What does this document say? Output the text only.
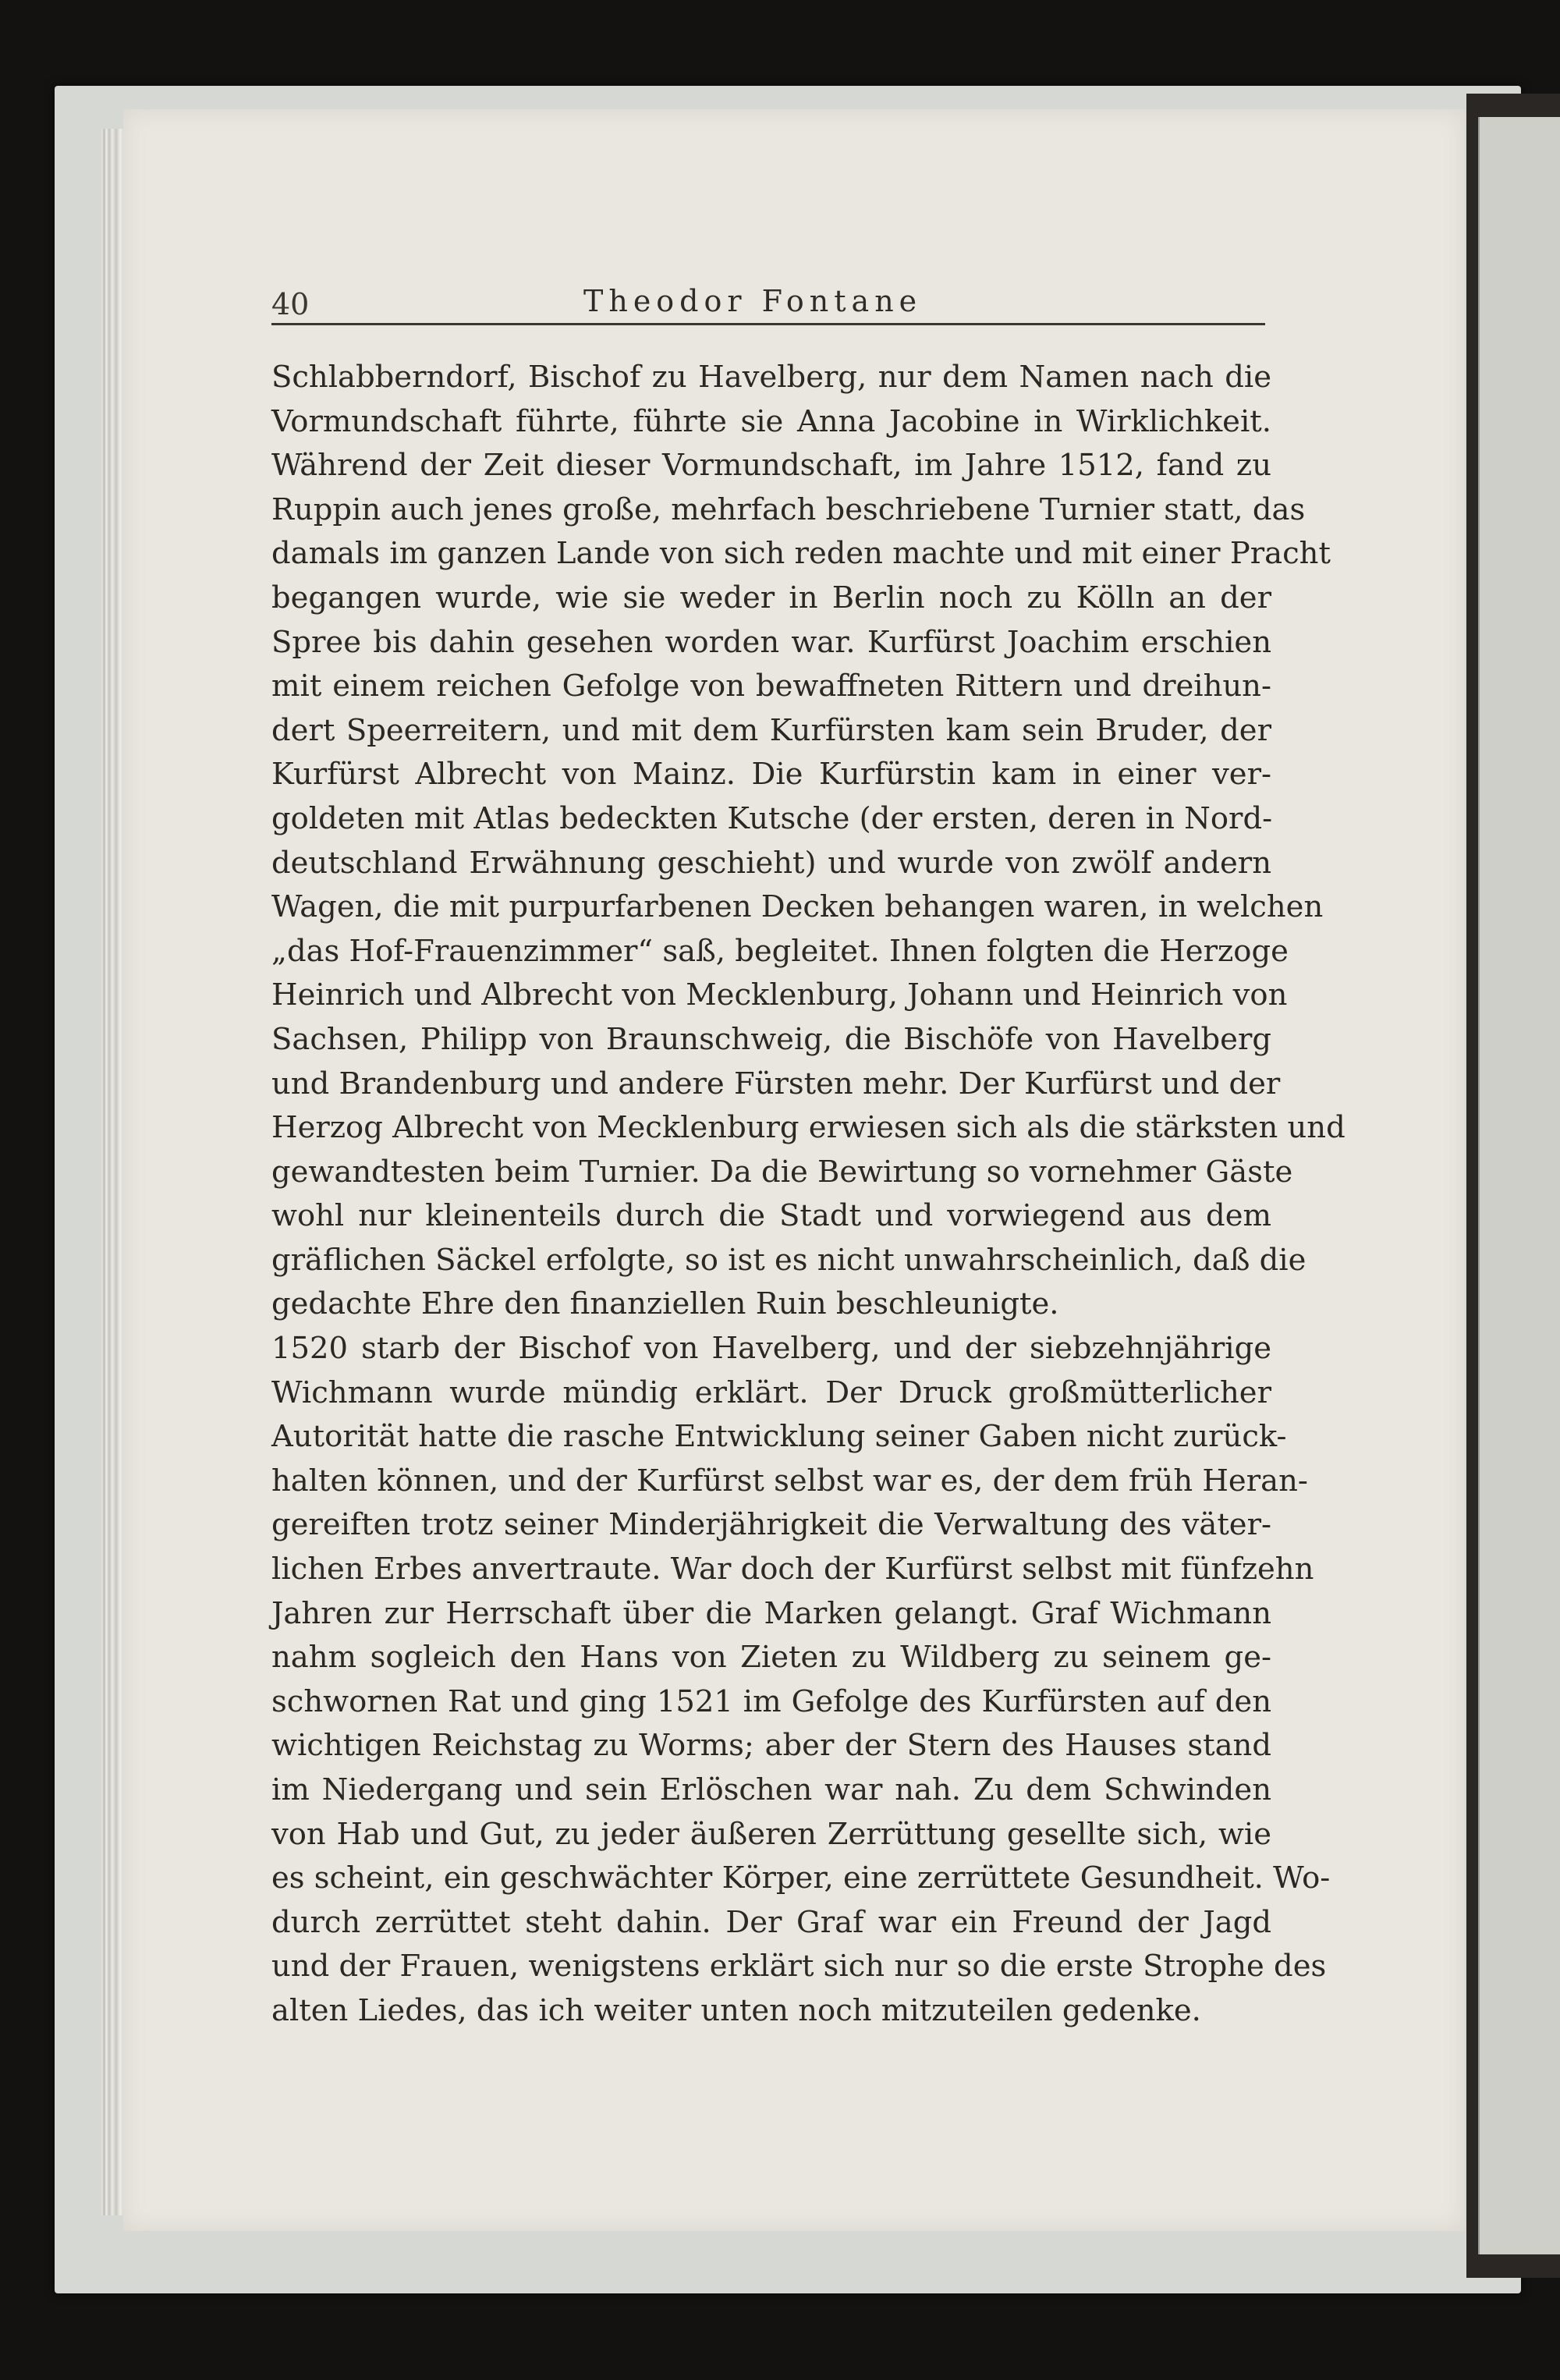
40	Theodor Fontane
Schlabberndorf, Bischof zu Havelberg, nur dem Namen nach die
Vormundschaft führte, führte sie Anna Jacobine in Wirklichkeit.
Während der Zeit dieser Vormundschaft, im Jahre 1512, fand zu
Ruppin auch jenes große, mehrfach beschriebene Turnier statt, das
damals im ganzen Lande von sich reden machte und mit einer Pracht
begangen wurde, wie sie weder in Berlin noch zu Kölln an der
Spree bis dahin gesehen worden war. Kurfürst Joachim erschien
mit einem reichen Gefolge von bewaffneten Rittern und dreihun-
dert Speerreitern, und mit dem Kurfürsten kam sein Bruder, der
Kurfürst Albrecht von Mainz. Die Kurfürstin kam in einer ver-
goldeten mit Atlas bedeckten Kutsche (der ersten, deren in Nord-
deutschland Erwähnung geschieht) und wurde von zwölf andern
Wagen, die mit purpurfarbenen Decken behangen waren, in welchen
„das Hof-Frauenzimmer“ saß, begleitet. Ihnen folgten die Herzoge
Heinrich und Albrecht von Mecklenburg, Johann und Heinrich von
Sachsen, Philipp von Braunschweig, die Bischöfe von Havelberg
und Brandenburg und andere Fürsten mehr. Der Kurfürst und der
Herzog Albrecht von Mecklenburg erwiesen sich als die stärksten und
gewandtesten beim Turnier. Da die Bewirtung so vornehmer Gäste
wohl nur kleinenteils durch die Stadt und vorwiegend aus dem
gräflichen Säckel erfolgte, so ist es nicht unwahrscheinlich, daß die
gedachte Ehre den finanziellen Ruin beschleunigte.
1520 starb der Bischof von Havelberg, und der siebzehnjährige
Wichmann wurde mündig erklärt. Der Druck großmütterlicher
Autorität hatte die rasche Entwicklung seiner Gaben nicht zurück-
halten können, und der Kurfürst selbst war es, der dem früh Heran-
gereiften trotz seiner Minderjährigkeit die Verwaltung des väter-
lichen Erbes anvertraute. War doch der Kurfürst selbst mit fünfzehn
Jahren zur Herrschaft über die Marken gelangt. Graf Wichmann
nahm sogleich den Hans von Zieten zu Wildberg zu seinem ge-
schwornen Rat und ging 1521 im Gefolge des Kurfürsten auf den
wichtigen Reichstag zu Worms; aber der Stern des Hauses stand
im Niedergang und sein Erlöschen war nah. Zu dem Schwinden
von Hab und Gut, zu jeder äußeren Zerrüttung gesellte sich, wie
es scheint, ein geschwächter Körper, eine zerrüttete Gesundheit. Wo-
durch zerrüttet steht dahin. Der Graf war ein Freund der Jagd
und der Frauen, wenigstens erklärt sich nur so die erste Strophe des
alten Liedes, das ich weiter unten noch mitzuteilen gedenke.
